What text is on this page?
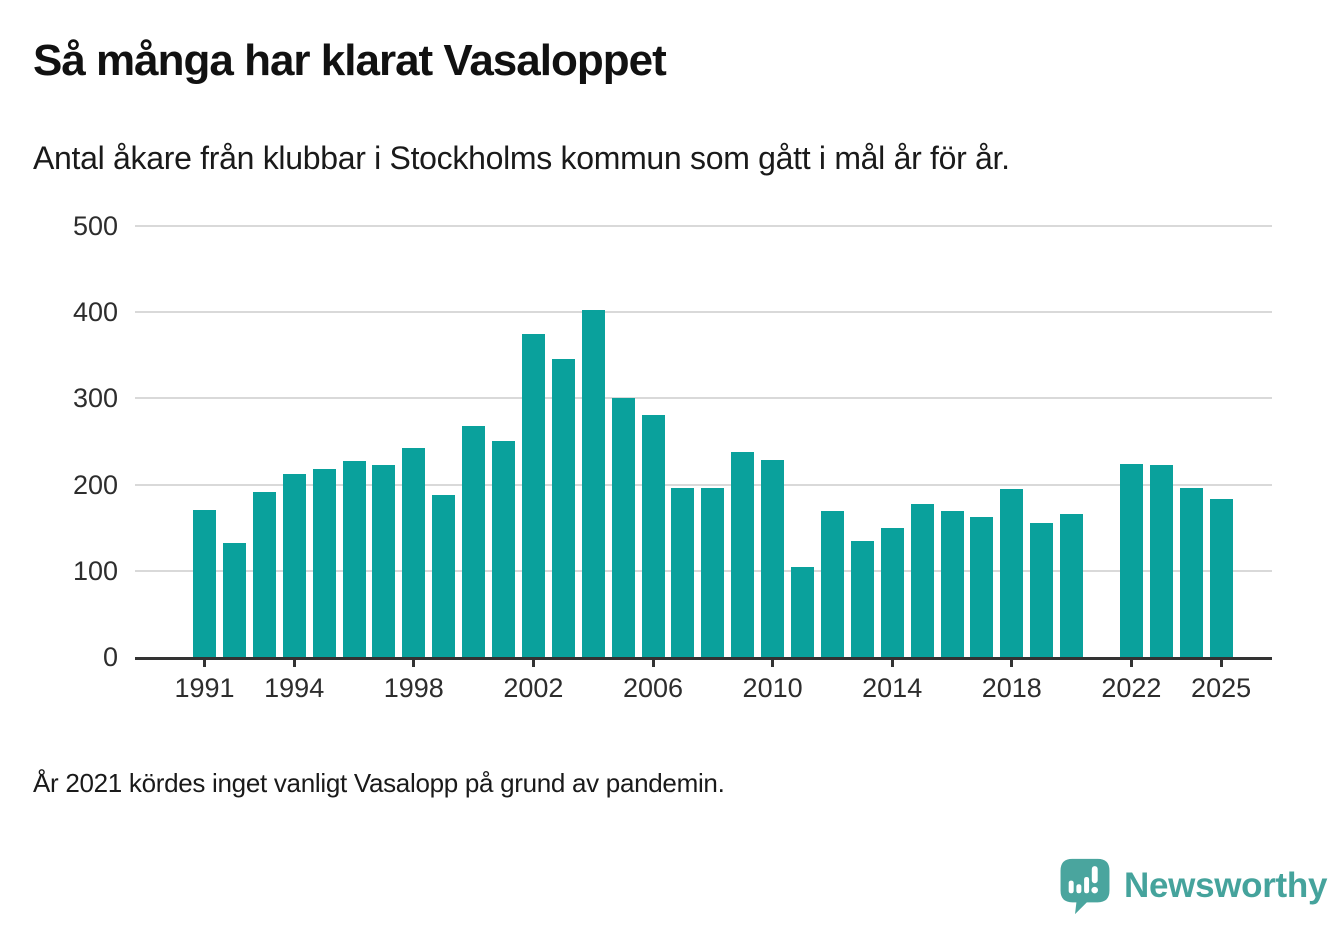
Så många har klarat Vasaloppet

Antal åkare från klubbar i Stockholms kommun som gått i mål år för år.

0
100
200
300
400
500
1991	1994	1998	2002	2006	2010	2014	2018	2022	2025

År 2021 kördes inget vanligt Vasalopp på grund av pandemin.

Newsworthy
